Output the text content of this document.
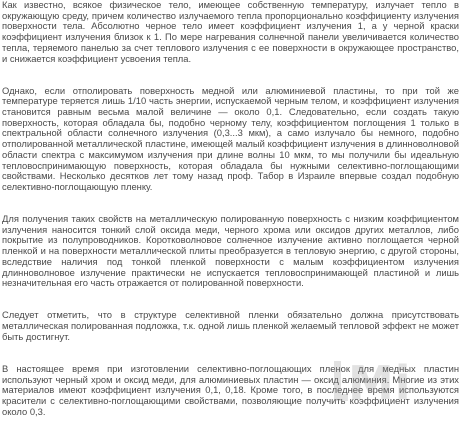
Как известно, всякое физическое тело, имеющее собственную температуру, излучает тепло в окружающую среду, причем количество излучаемого тепла пропорционально коэффициенту излучения поверхности тела. Абсолютно черное тело имеет коэффициент излучения 1, а у черной краски коэффициент излучения близок к 1. По мере нагревания солнечной панели увеличивается количество тепла, теряемого панелью за счет теплового излучения с ее поверхности в окружающее пространство, и снижается коэффициент усвоения тепла.

Однако, если отполировать поверхность медной или алюминиевой пластины, то при той же температуре теряется лишь 1/10 часть энергии, испускаемой черным телом, и коэффициент излучения становится равным весьма малой величине — около 0,1. Следовательно, если создать такую поверхность, которая обладала бы, подобно черному телу, коэффициентом поглощения 1 только в спектральной области солнечного излучения (0,3...3 мкм), а само излучало бы немного, подобно отполированной металлической пластине, имеющей малый коэффициент излучения в длинноволновой области спектра с максимумом излучения при длине волны 10 мкм, то мы получили бы идеальную тепловоспринимающую поверхность, которая обладала бы нужными селективно-поглощающими свойствами. Несколько десятков лет тому назад проф. Табор в Израиле впервые создал подобную селективно-поглощающую пленку.

Для получения таких свойств на металлическую полированную поверхность с низким коэффициентом излучения наносится тонкий слой оксида меди, черного хрома или оксидов других металлов, либо покрытие из полупроводников. Коротковолновое солнечное излучение активно поглощается черной пленкой и на поверхности металлической плиты преобразуется в тепловую энергию, с другой стороны, вследствие наличия под тонкой пленкой поверхности с малым коэффициентом излучения длинноволновое излучение практически не испускается тепловоспринимающей пластиной и лишь незначительная его часть отражается от полированной поверхности.

Следует отметить, что в структуре селективной пленки обязательно должна присутствовать металлическая полированная подложка, т.к. одной лишь пленкой желаемый тепловой эффект не может быть достигнут.

В настоящее время при изготовлении селективно-поглощающих пленок для медных пластин используют черный хром и оксид меди, для алюминиевых пластин — оксид алюминия. Многие из этих материалов имеют коэффициент излучения 0,1, 0,18. Кроме того, в последнее время используются красители с селективно-поглощающими свойствами, позволяющие получить коэффициент излучения около 0,3.

Mi
